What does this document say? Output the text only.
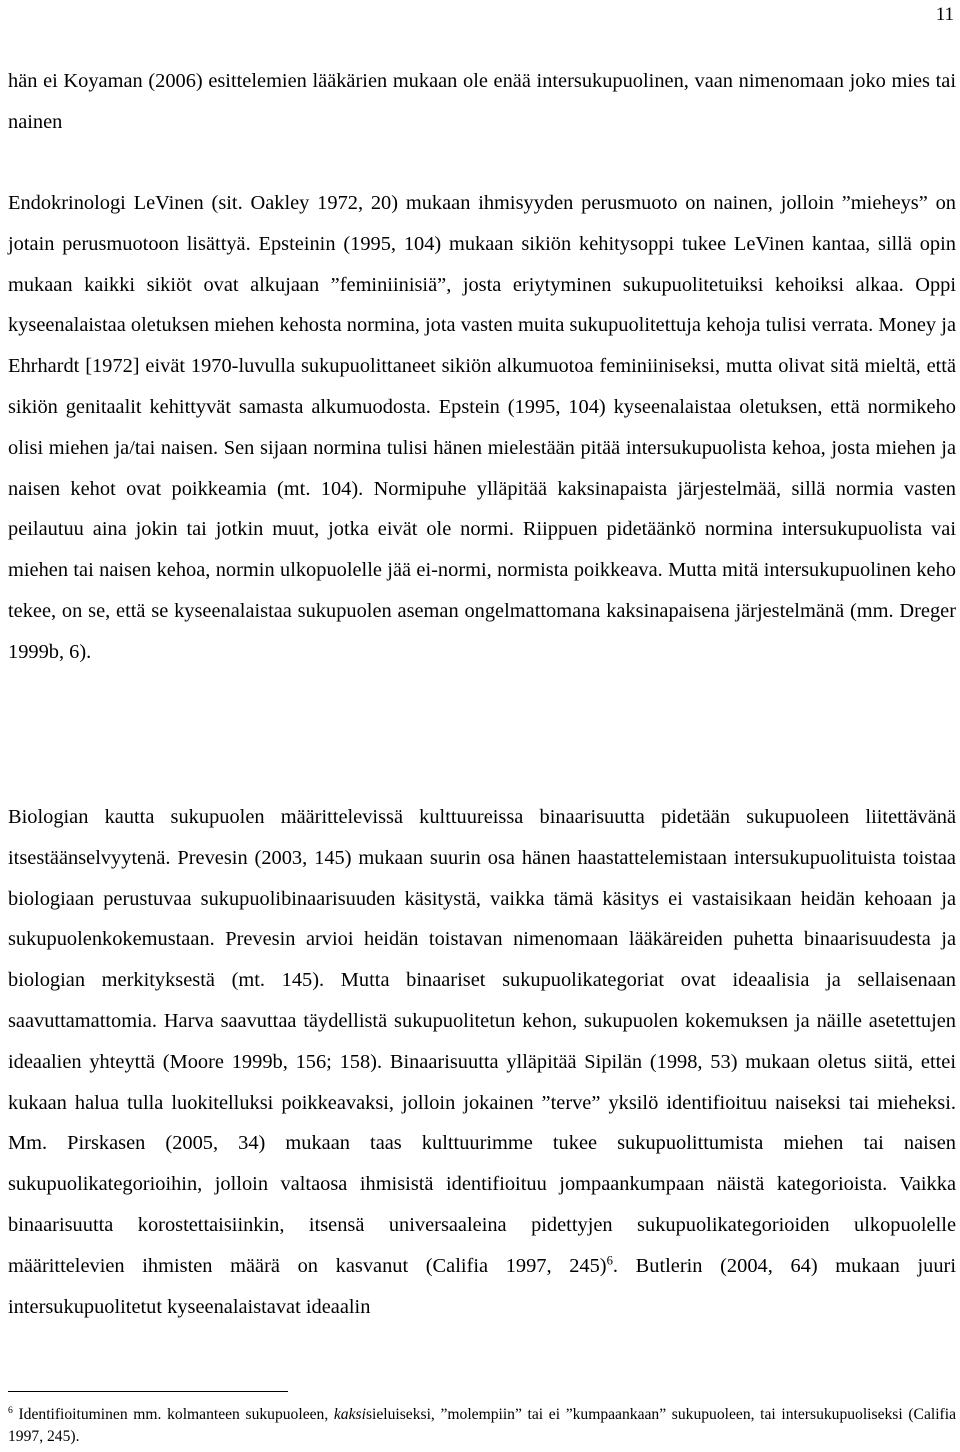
11

hän ei Koyaman (2006) esittelemien lääkärien mukaan ole enää intersukupuolinen, vaan nimenomaan joko mies tai nainen

Endokrinologi LeVinen (sit. Oakley 1972, 20) mukaan ihmisyyden perusmuoto on nainen, jolloin ”mieheys” on jotain perusmuotoon lisättyä. Epsteinin (1995, 104) mukaan sikiön kehitysoppi tukee LeVinen kantaa, sillä opin mukaan kaikki sikiöt ovat alkujaan ”feminiinisiä”, josta eriytyminen sukupuolitetuiksi kehoiksi alkaa. Oppi kyseenalaistaa oletuksen miehen kehosta normina, jota vasten muita sukupuolitettuja kehoja tulisi verrata. Money ja Ehrhardt [1972] eivät 1970-luvulla sukupuolittaneet sikiön alkumuotoa feminiiniseksi, mutta olivat sitä mieltä, että sikiön genitaalit kehittyvät samasta alkumuodosta. Epstein (1995, 104) kyseenalaistaa oletuksen, että normikeho olisi miehen ja/tai naisen. Sen sijaan normina tulisi hänen mielestään pitää intersukupuolista kehoa, josta miehen ja naisen kehot ovat poikkeamia (mt. 104). Normipuhe ylläpitää kaksinapaista järjestelmää, sillä normia vasten peilautuu aina jokin tai jotkin muut, jotka eivät ole normi. Riippuen pidetäänkö normina intersukupuolista vai miehen tai naisen kehoa, normin ulkopuolelle jää ei-normi, normista poikkeava. Mutta mitä intersukupuolinen keho tekee, on se, että se kyseenalaistaa sukupuolen aseman ongelmattomana kaksinapaisena järjestelmänä (mm. Dreger 1999b, 6).

Biologian kautta sukupuolen määrittelevissä kulttuureissa binaarisuutta pidetään sukupuoleen liitettävänä itsestäänselvyytenä. Prevesin (2003, 145) mukaan suurin osa hänen haastattelemistaan intersukupuolituista toistaa biologiaan perustuvaa sukupuolibinaarisuuden käsitystä, vaikka tämä käsitys ei vastaisikaan heidän kehoaan ja sukupuolenkokemustaan. Prevesin arvioi heidän toistavan nimenomaan lääkäreiden puhetta binaarisuudesta ja biologian merkityksestä (mt. 145). Mutta binaariset sukupuolikategoriat ovat ideaalisia ja sellaisenaan saavuttamattomia. Harva saavuttaa täydellistä sukupuolitetun kehon, sukupuolen kokemuksen ja näille asetettujen ideaalien yhteyttä (Moore 1999b, 156; 158). Binaarisuutta ylläpitää Sipilän (1998, 53) mukaan oletus siitä, ettei kukaan halua tulla luokitelluksi poikkeavaksi, jolloin jokainen ”terve” yksilö identifioituu naiseksi tai mieheksi. Mm. Pirskasen (2005, 34) mukaan taas kulttuurimme tukee sukupuolittumista miehen tai naisen sukupuolikategorioihin, jolloin valtaosa ihmisistä identifioituu jompaankumpaan näistä kategorioista. Vaikka binaarisuutta korostettaisiinkin, itsensä universaaleina pidettyjen sukupuolikategorioiden ulkopuolelle määrittelevien ihmisten määrä on kasvanut (Califia 1997, 245)$^6$. Butlerin (2004, 64) mukaan juuri intersukupuolitetut kyseenalaistavat ideaalin

$^6$ Identifioituminen mm. kolmanteen sukupuoleen, kaksisieluiseksi, ”molempiin” tai ei ”kumpaankaan” sukupuoleen, tai intersukupuoliseksi (Califia 1997, 245).
